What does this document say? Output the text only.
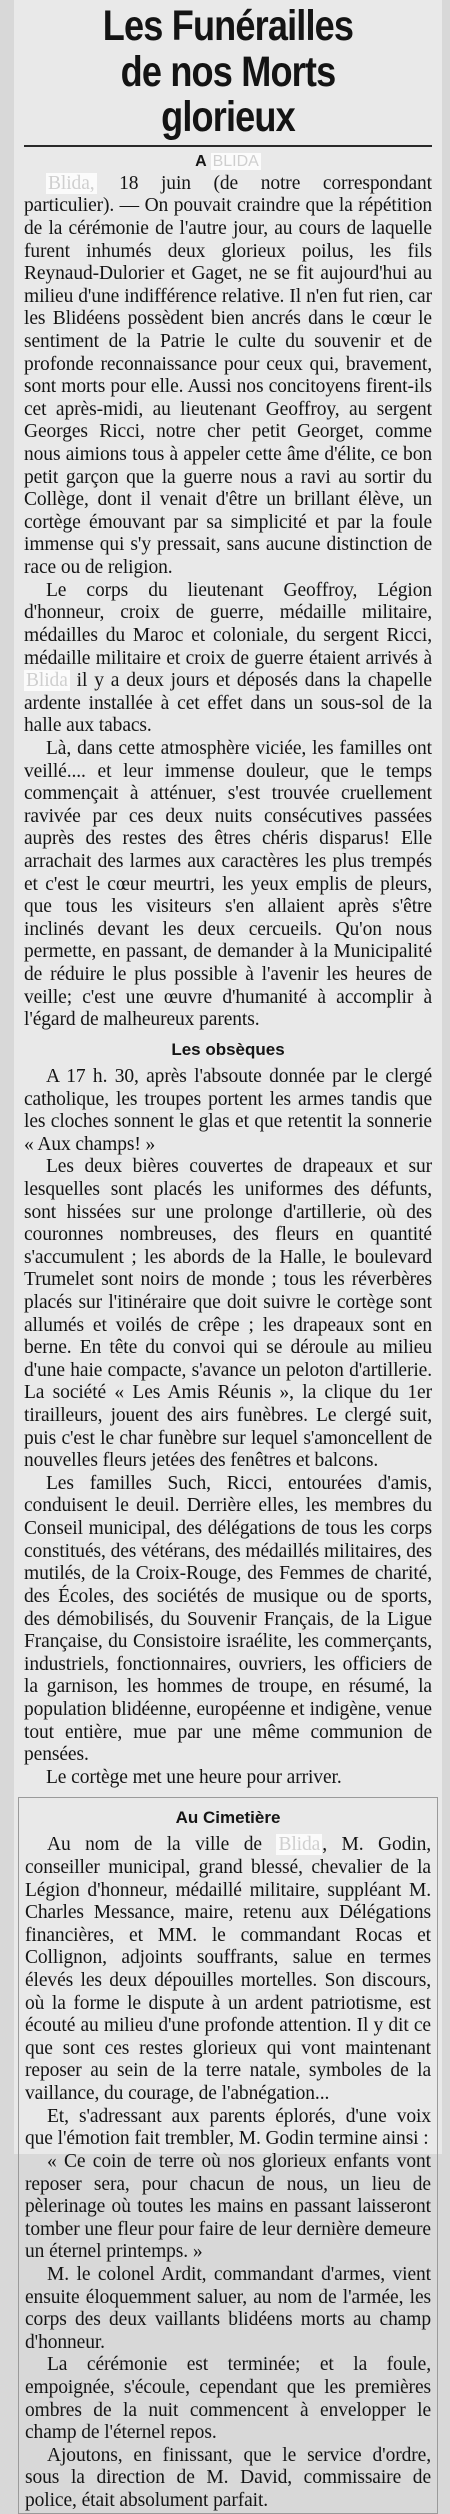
Les Funérailles
de nos Morts glorieux
A BLIDA

Blida, 18 juin (de notre correspondant particulier). — On pouvait craindre que la répétition de la cérémonie de l'autre jour, au cours de laquelle furent inhumés deux glorieux poilus, les fils Reynaud-Dulorier et Gaget, ne se fit aujourd'hui au milieu d'une indifférence relative. Il n'en fut rien, car les Blidéens possèdent bien ancrés dans le cœur le sentiment de la Patrie le culte du souvenir et de profonde reconnaissance pour ceux qui, bravement, sont morts pour elle. Aussi nos concitoyens firent-ils cet après-midi, au lieutenant Geoffroy, au sergent Georges Ricci, notre cher petit Georget, comme nous aimions tous à appeler cette âme d'élite, ce bon petit garçon que la guerre nous a ravi au sortir du Collège, dont il venait d'être un brillant élève, un cortège émouvant par sa simplicité et par la foule immense qui s'y pressait, sans aucune distinction de race ou de religion.

Le corps du lieutenant Geoffroy, Légion d'honneur, croix de guerre, médaille militaire, médailles du Maroc et coloniale, du sergent Ricci, médaille militaire et croix de guerre étaient arrivés à Blida il y a deux jours et déposés dans la chapelle ardente installée à cet effet dans un sous-sol de la halle aux tabacs.

Là, dans cette atmosphère viciée, les familles ont veillé.... et leur immense douleur, que le temps commençait à atténuer, s'est trouvée cruellement ravivée par ces deux nuits consécutives passées auprès des restes des êtres chéris disparus! Elle arrachait des larmes aux caractères les plus trempés et c'est le cœur meurtri, les yeux emplis de pleurs, que tous les visiteurs s'en allaient après s'être inclinés devant les deux cercueils. Qu'on nous permette, en passant, de demander à la Municipalité de réduire le plus possible à l'avenir les heures de veille; c'est une œuvre d'humanité à accomplir à l'égard de malheureux parents.

Les obsèques

A 17 h. 30, après l'absoute donnée par le clergé catholique, les troupes portent les armes tandis que les cloches sonnent le glas et que retentit la sonnerie « Aux champs! »

Les deux bières couvertes de drapeaux et sur lesquelles sont placés les uniformes des défunts, sont hissées sur une prolonge d'artillerie, où des couronnes nombreuses, des fleurs en quantité s'accumulent ; les abords de la Halle, le boulevard Trumelet sont noirs de monde ; tous les réverbères placés sur l'itinéraire que doit suivre le cortège sont allumés et voilés de crêpe ; les drapeaux sont en berne. En tête du convoi qui se déroule au milieu d'une haie compacte, s'avance un peloton d'artillerie. La société « Les Amis Réunis », la clique du 1er tirailleurs, jouent des airs funèbres. Le clergé suit, puis c'est le char funèbre sur lequel s'amoncellent de nouvelles fleurs jetées des fenêtres et balcons.

Les familles Such, Ricci, entourées d'amis, conduisent le deuil. Derrière elles, les membres du Conseil municipal, des délégations de tous les corps constitués, des vétérans, des médaillés militaires, des mutilés, de la Croix-Rouge, des Femmes de charité, des Écoles, des sociétés de musique ou de sports, des démobilisés, du Souvenir Français, de la Ligue Française, du Consistoire israélite, les commerçants, industriels, fonctionnaires, ouvriers, les officiers de la garnison, les hommes de troupe, en résumé, la population blidéenne, européenne et indigène, venue tout entière, mue par une même communion de pensées.

Le cortège met une heure pour arriver.

Au Cimetière

Au nom de la ville de Blida , M. Godin, conseiller municipal, grand blessé, chevalier de la Légion d'honneur, médaillé militaire, suppléant M. Charles Messance, maire, retenu aux Délégations financières, et MM. le commandant Rocas et Collignon, adjoints souffrants, salue en termes élevés les deux dépouilles mortelles. Son discours, où la forme le dispute à un ardent patriotisme, est écouté au milieu d'une profonde attention. Il y dit ce que sont ces restes glorieux qui vont maintenant reposer au sein de la terre natale, symboles de la vaillance, du courage, de l'abnégation...

Et, s'adressant aux parents éplorés, d'une voix que l'émotion fait trembler, M. Godin termine ainsi :

« Ce coin de terre où nos glorieux enfants vont reposer sera, pour chacun de nous, un lieu de pèlerinage où toutes les mains en passant laisseront tomber une fleur pour faire de leur dernière demeure un éternel printemps. »

M. le colonel Ardit, commandant d'armes, vient ensuite éloquemment saluer, au nom de l'armée, les corps des deux vaillants blidéens morts au champ d'honneur.

La cérémonie est terminée; et la foule, empoignée, s'écoule, cependant que les premières ombres de la nuit commencent à envelopper le champ de l'éternel repos.

Ajoutons, en finissant, que le service d'ordre, sous la direction de M. David, commissaire de police, était absolument parfait.
